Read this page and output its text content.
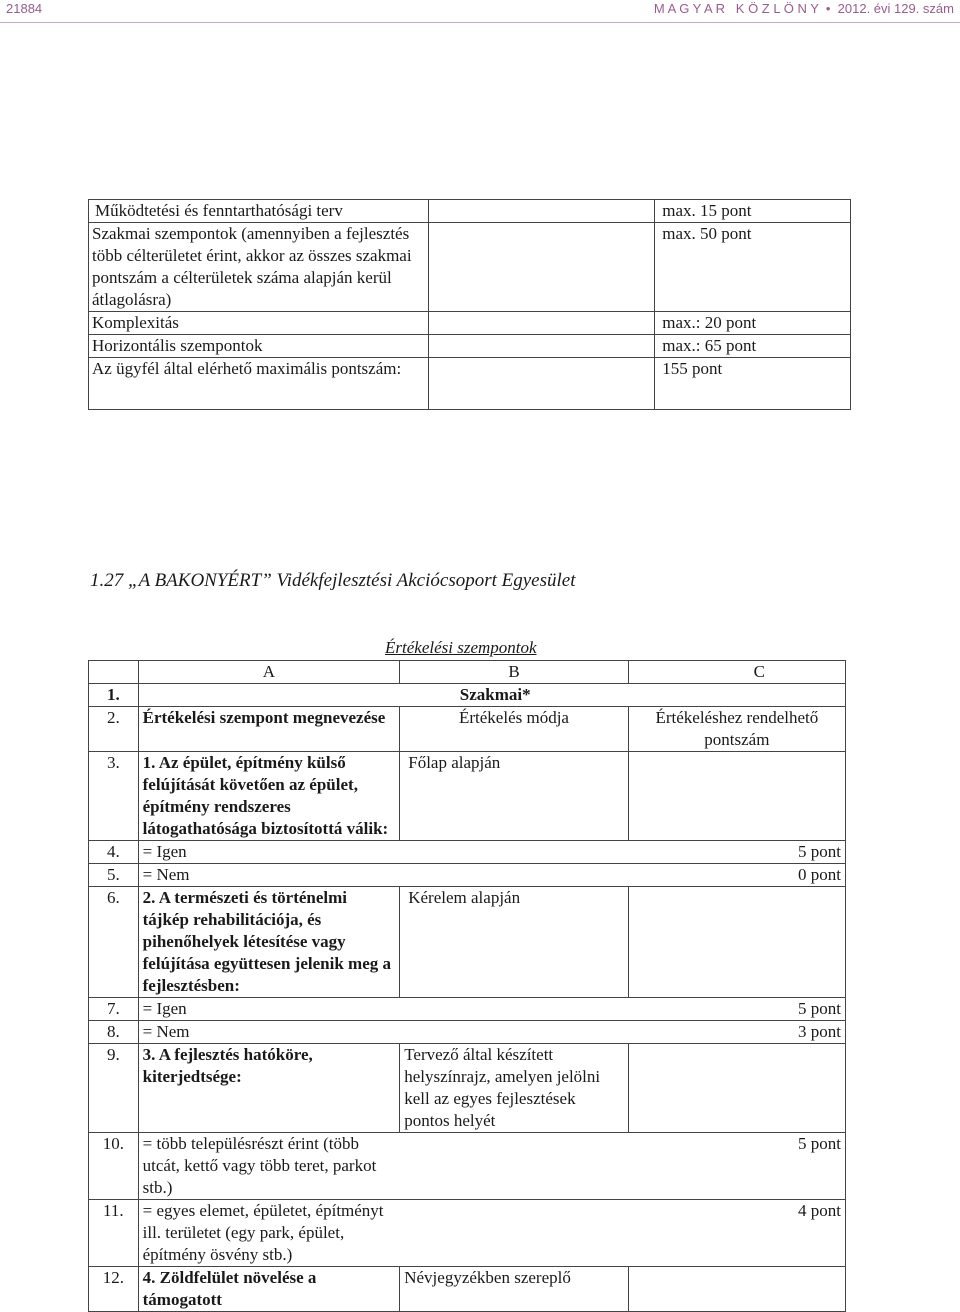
21884	M A G Y A R   K Ö Z L Ö N Y  •  2012. évi 129. szám
Működtetési és fenntarthatósági terv		max. 15 pont
Szakmai szempontok (amennyiben a fejlesztés több célterületet érint, akkor az összes szakmai pontszám a célterületek száma alapján kerül átlagolásra)		max. 50 pont
Komplexitás		max.: 20 pont
Horizontális szempontok		max.: 65 pont
Az ügyfél által elérhető maximális pontszám:		155 pont
1.27 „A BAKONYÉRT” Vidékfejlesztési Akciócsoport Egyesület
Értékelési szempontok
	A	B	C
1.		Szakmai*	
2.	Értékelési szempont megnevezése	Értékelés módja	Értékeléshez rendelhető pontszám
3.	1. Az épület, építmény külső felújítását követően az épület, építmény rendszeres látogathatósága biztosítottá válik:	Főlap alapján	
4.	= Igen		5 pont
5.	= Nem		0 pont
6.	2. A természeti és történelmi tájkép rehabilitációja, és pihenőhelyek létesítése vagy felújítása együttesen jelenik meg a fejlesztésben:	Kérelem alapján	
7.	= Igen		5 pont
8.	= Nem		3 pont
9.	3. A fejlesztés hatóköre, kiterjedtsége:	Tervező által készített helyszínrajz, amelyen jelölni kell az egyes fejlesztések pontos helyét	
10.	= több településrészt érint (több utcát, kettő vagy több teret, parkot stb.)		5 pont
11.	= egyes elemet, épületet, építményt ill. területet (egy park, épület, építmény ösvény stb.)		4 pont
12.	4. Zöldfelület növelése a támogatott	Névjegyzékben szereplő	
